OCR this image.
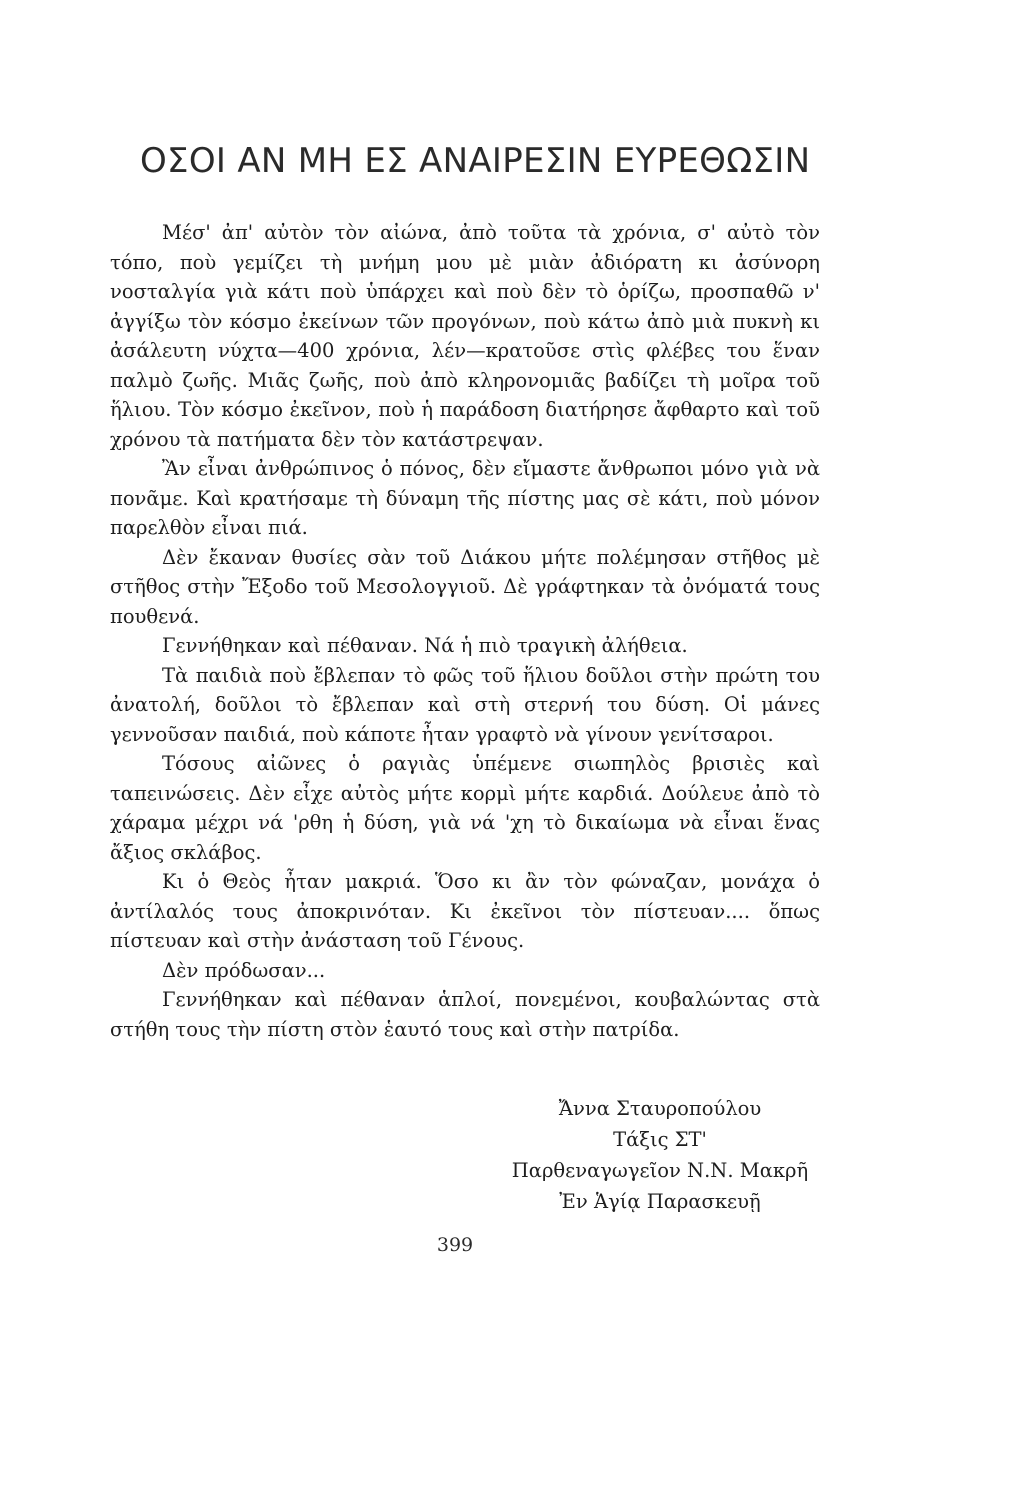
ΟΣΟΙ ΑΝ ΜΗ ΕΣ ΑΝΑΙΡΕΣΙΝ ΕΥΡΕΘΩΣΙΝ

Μέσ' ἀπ' αὐτὸν τὸν αἰώνα, ἀπὸ τοῦτα τὰ χρόνια, σ' αὐτὸ τὸν τόπο, ποὺ γεμίζει τὴ μνήμη μου μὲ μιὰν ἀδιόρατη κι ἀσύνορη νοσταλγία γιὰ κάτι ποὺ ὑπάρχει καὶ ποὺ δὲν τὸ ὁρίζω, προσπαθῶ ν' ἀγγίξω τὸν κόσμο ἐκείνων τῶν προγόνων, ποὺ κάτω ἀπὸ μιὰ πυκνὴ κι ἀσάλευτη νύχτα—400 χρόνια, λέν—κρατοῦσε στὶς φλέβες του ἕναν παλμὸ ζωῆς. Μιᾶς ζωῆς, ποὺ ἀπὸ κληρονομιᾶς βαδίζει τὴ μοῖρα τοῦ ἥλιου. Τὸν κόσμο ἐκεῖνον, ποὺ ἡ παράδοση διατήρησε ἄφθαρτο καὶ τοῦ χρόνου τὰ πατήματα δὲν τὸν κατάστρεψαν.

Ἂν εἶναι ἀνθρώπινος ὁ πόνος, δὲν εἴμαστε ἄνθρωποι μόνο γιὰ νὰ πονᾶμε. Καὶ κρατήσαμε τὴ δύναμη τῆς πίστης μας σὲ κάτι, ποὺ μόνον παρελθὸν εἶναι πιά.

Δὲν ἔκαναν θυσίες σὰν τοῦ Διάκου μήτε πολέμησαν στῆθος μὲ στῆθος στὴν Ἔξοδο τοῦ Μεσολογγιοῦ. Δὲ γράφτηκαν τὰ ὀνόματά τους πουθενά.

Γεννήθηκαν καὶ πέθαναν. Νά ἡ πιὸ τραγικὴ ἀλήθεια.

Τὰ παιδιὰ ποὺ ἔβλεπαν τὸ φῶς τοῦ ἥλιου δοῦλοι στὴν πρώτη του ἀνατολή, δοῦλοι τὸ ἔβλεπαν καὶ στὴ στερνή του δύση. Οἱ μάνες γεννοῦσαν παιδιά, ποὺ κάποτε ἦταν γραφτὸ νὰ γίνουν γενίτσαροι.

Τόσους αἰῶνες ὁ ραγιὰς ὑπέμενε σιωπηλὸς βρισιὲς καὶ ταπεινώσεις. Δὲν εἶχε αὐτὸς μήτε κορμὶ μήτε καρδιά. Δούλευε ἀπὸ τὸ χάραμα μέχρι νά 'ρθη ἡ δύση, γιὰ νά 'χη τὸ δικαίωμα νὰ εἶναι ἕνας ἄξιος σκλάβος.

Κι ὁ Θεὸς ἦταν μακριά. Ὅσο κι ἂν τὸν φώναζαν, μονάχα ὁ ἀντίλαλός τους ἀποκρινόταν. Κι ἐκεῖνοι τὸν πίστευαν.... ὅπως πίστευαν καὶ στὴν ἀνάσταση τοῦ Γένους.

Δὲν πρόδωσαν...

Γεννήθηκαν καὶ πέθαναν ἁπλοί, πονεμένοι, κουβαλώντας στὰ στήθη τους τὴν πίστη στὸν ἑαυτό τους καὶ στὴν πατρίδα.

Ἄννα Σταυροπούλου
Τάξις ΣΤ'
Παρθεναγωγεῖον Ν.Ν. Μακρῆ
Ἐν Ἁγίᾳ Παρασκευῇ
399
